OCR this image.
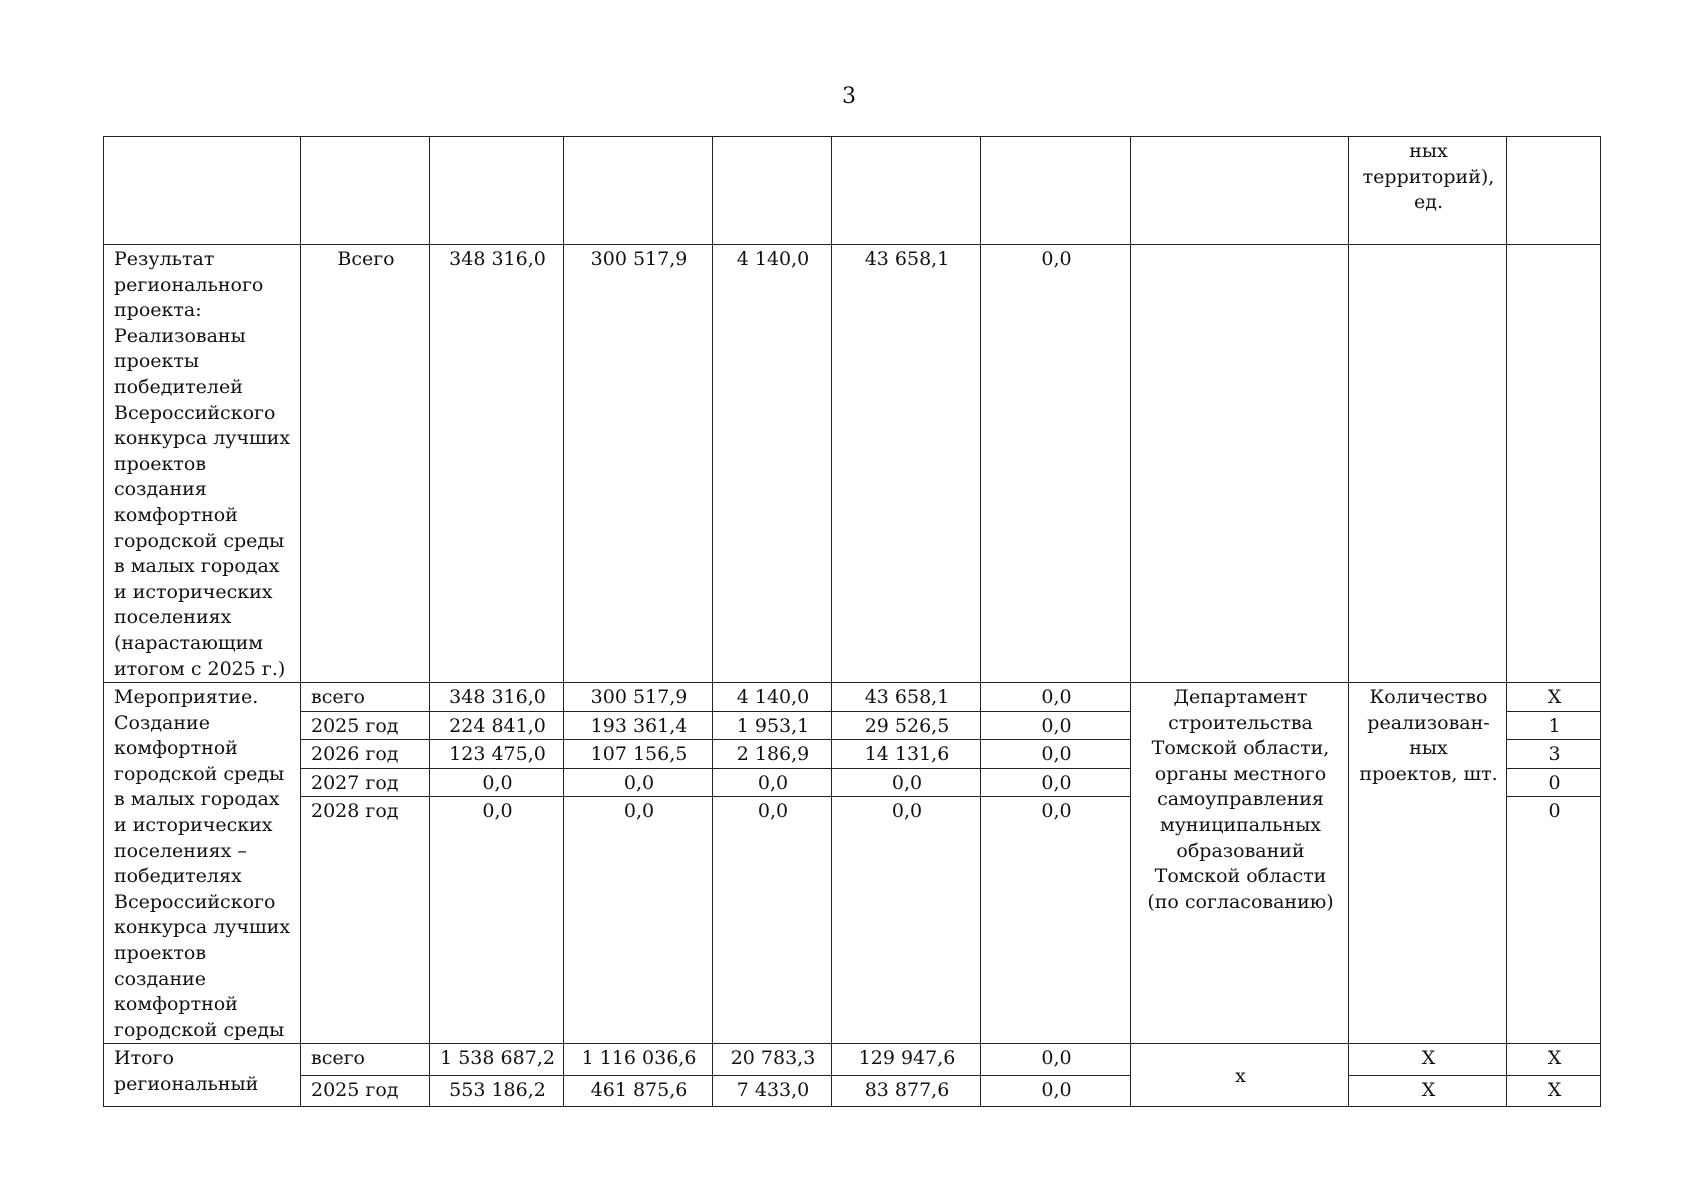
3
								ных
территорий),
ед.	
Результат регионального проекта: Реализованы проекты победителей Всероссийского конкурса лучших проектов создания комфортной городской среды в малых городах и исторических поселениях (нарастающим итогом с 2025 г.)	Всего	348 316,0	300 517,9	4 140,0	43 658,1	0,0			
Мероприятие. Создание комфортной городской среды в малых городах и исторических поселениях – победителях Всероссийского конкурса лучших проектов создание комфортной городской среды	всего	348 316,0	300 517,9	4 140,0	43 658,1	0,0	Департамент строительства Томской области, органы местного самоуправления муниципальных образований Томской области (по согласованию)	Количество реализован-ных проектов, шт.	Х
	2025 год	224 841,0	193 361,4	1 953,1	29 526,5	0,0			1
	2026 год	123 475,0	107 156,5	2 186,9	14 131,6	0,0			3
	2027 год	0,0	0,0	0,0	0,0	0,0			0
	2028 год	0,0	0,0	0,0	0,0	0,0			0
Итого региональный	всего	1 538 687,2	1 116 036,6	20 783,3	129 947,6	0,0	х	Х	Х
	2025 год	553 186,2	461 875,6	7 433,0	83 877,6	0,0		Х	Х
